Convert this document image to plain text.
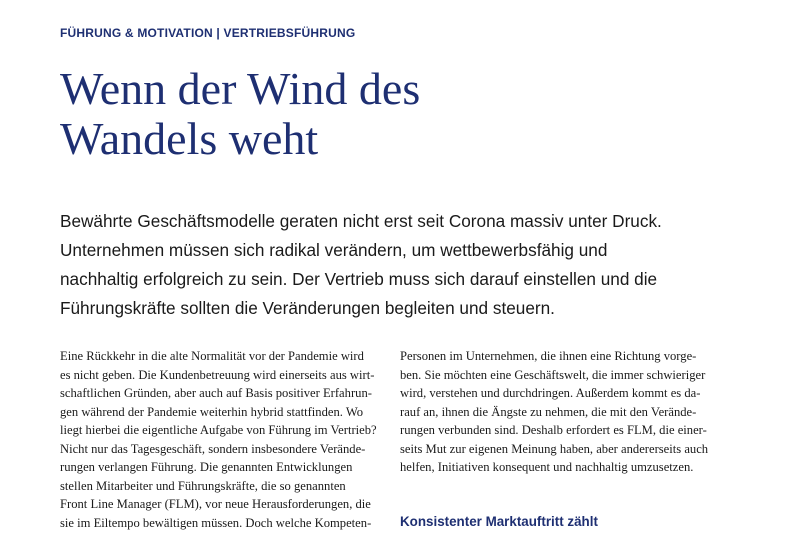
FÜHRUNG & MOTIVATION | VERTRIEBSFÜHRUNG
Wenn der Wind des
Wandels weht
Bewährte Geschäftsmodelle geraten nicht erst seit Corona massiv unter Druck.
Unternehmen müssen sich radikal verändern, um wettbewerbsfähig und
nachhaltig erfolgreich zu sein. Der Vertrieb muss sich darauf einstellen und die
Führungskräfte sollten die Veränderungen begleiten und steuern.
Eine Rückkehr in die alte Normalität vor der Pandemie wird
es nicht geben. Die Kundenbetreuung wird einerseits aus wirt-
schaftlichen Gründen, aber auch auf Basis positiver Erfahrun-
gen während der Pandemie weiterhin hybrid stattfinden. Wo
liegt hierbei die eigentliche Aufgabe von Führung im Vertrieb?
Nicht nur das Tagesgeschäft, sondern insbesondere Verände-
rungen verlangen Führung. Die genannten Entwicklungen
stellen Mitarbeiter und Führungskräfte, die so genannten
Front Line Manager (FLM), vor neue Herausforderungen, die
sie im Eiltempo bewältigen müssen. Doch welche Kompeten-
Personen im Unternehmen, die ihnen eine Richtung vorge-
ben. Sie möchten eine Geschäftswelt, die immer schwieriger
wird, verstehen und durchdringen. Außerdem kommt es da-
rauf an, ihnen die Ängste zu nehmen, die mit den Verände-
rungen verbunden sind. Deshalb erfordert es FLM, die einer-
seits Mut zur eigenen Meinung haben, aber andererseits auch
helfen, Initiativen konsequent und nachhaltig umzusetzen.
Konsistenter Marktauftritt zählt
